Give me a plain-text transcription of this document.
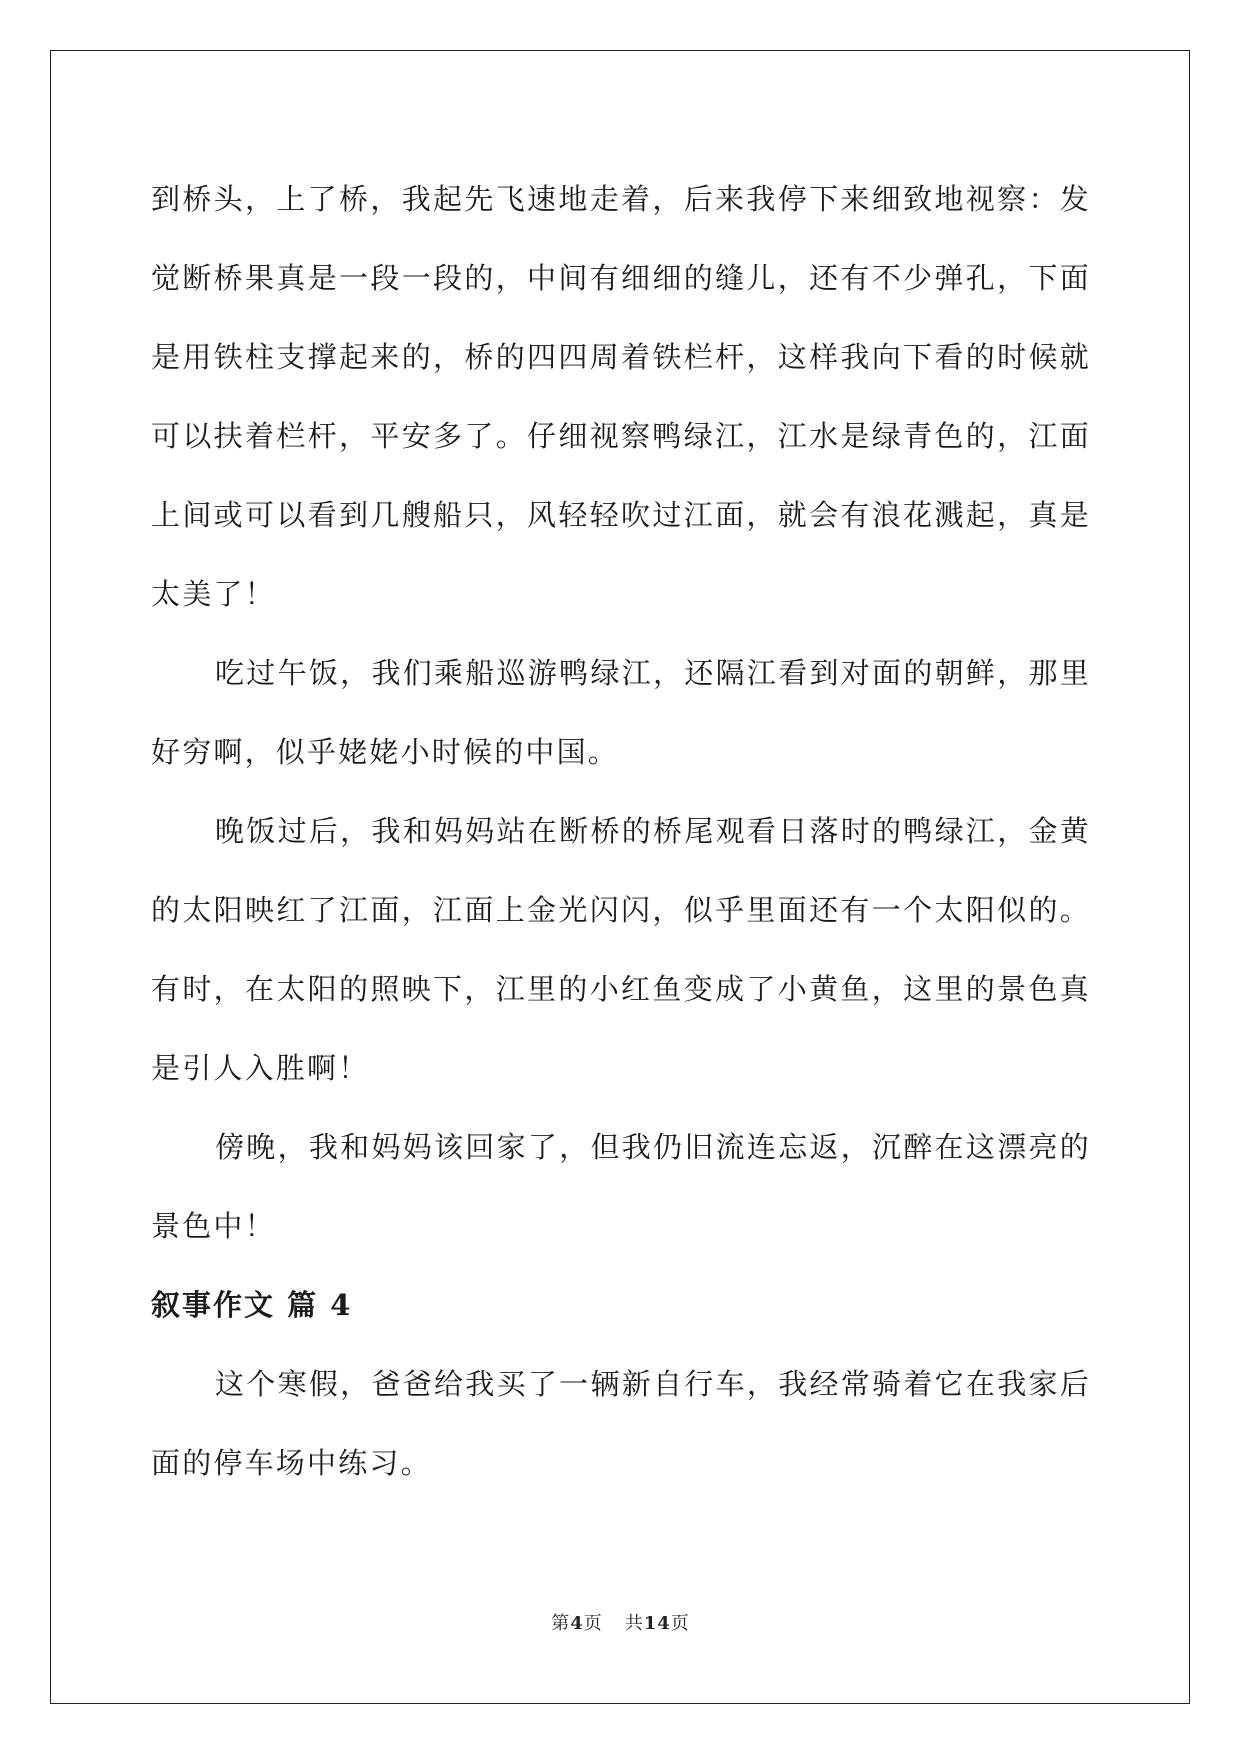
到桥头，上了桥，我起先飞速地走着，后来我停下来细致地视察：发觉断桥果真是一段一段的，中间有细细的缝儿，还有不少弹孔，下面是用铁柱支撑起来的，桥的四四周着铁栏杆，这样我向下看的时候就可以扶着栏杆，平安多了。仔细视察鸭绿江，江水是绿青色的，江面上间或可以看到几艘船只，风轻轻吹过江面，就会有浪花溅起，真是太美了！

吃过午饭，我们乘船巡游鸭绿江，还隔江看到对面的朝鲜，那里好穷啊，似乎姥姥小时候的中国。

晚饭过后，我和妈妈站在断桥的桥尾观看日落时的鸭绿江，金黄的太阳映红了江面，江面上金光闪闪，似乎里面还有一个太阳似的。有时，在太阳的照映下，江里的小红鱼变成了小黄鱼，这里的景色真是引人入胜啊！

傍晚，我和妈妈该回家了，但我仍旧流连忘返，沉醉在这漂亮的景色中！

叙事作文 篇 4

这个寒假，爸爸给我买了一辆新自行车，我经常骑着它在我家后面的停车场中练习。

第4页 共14页
